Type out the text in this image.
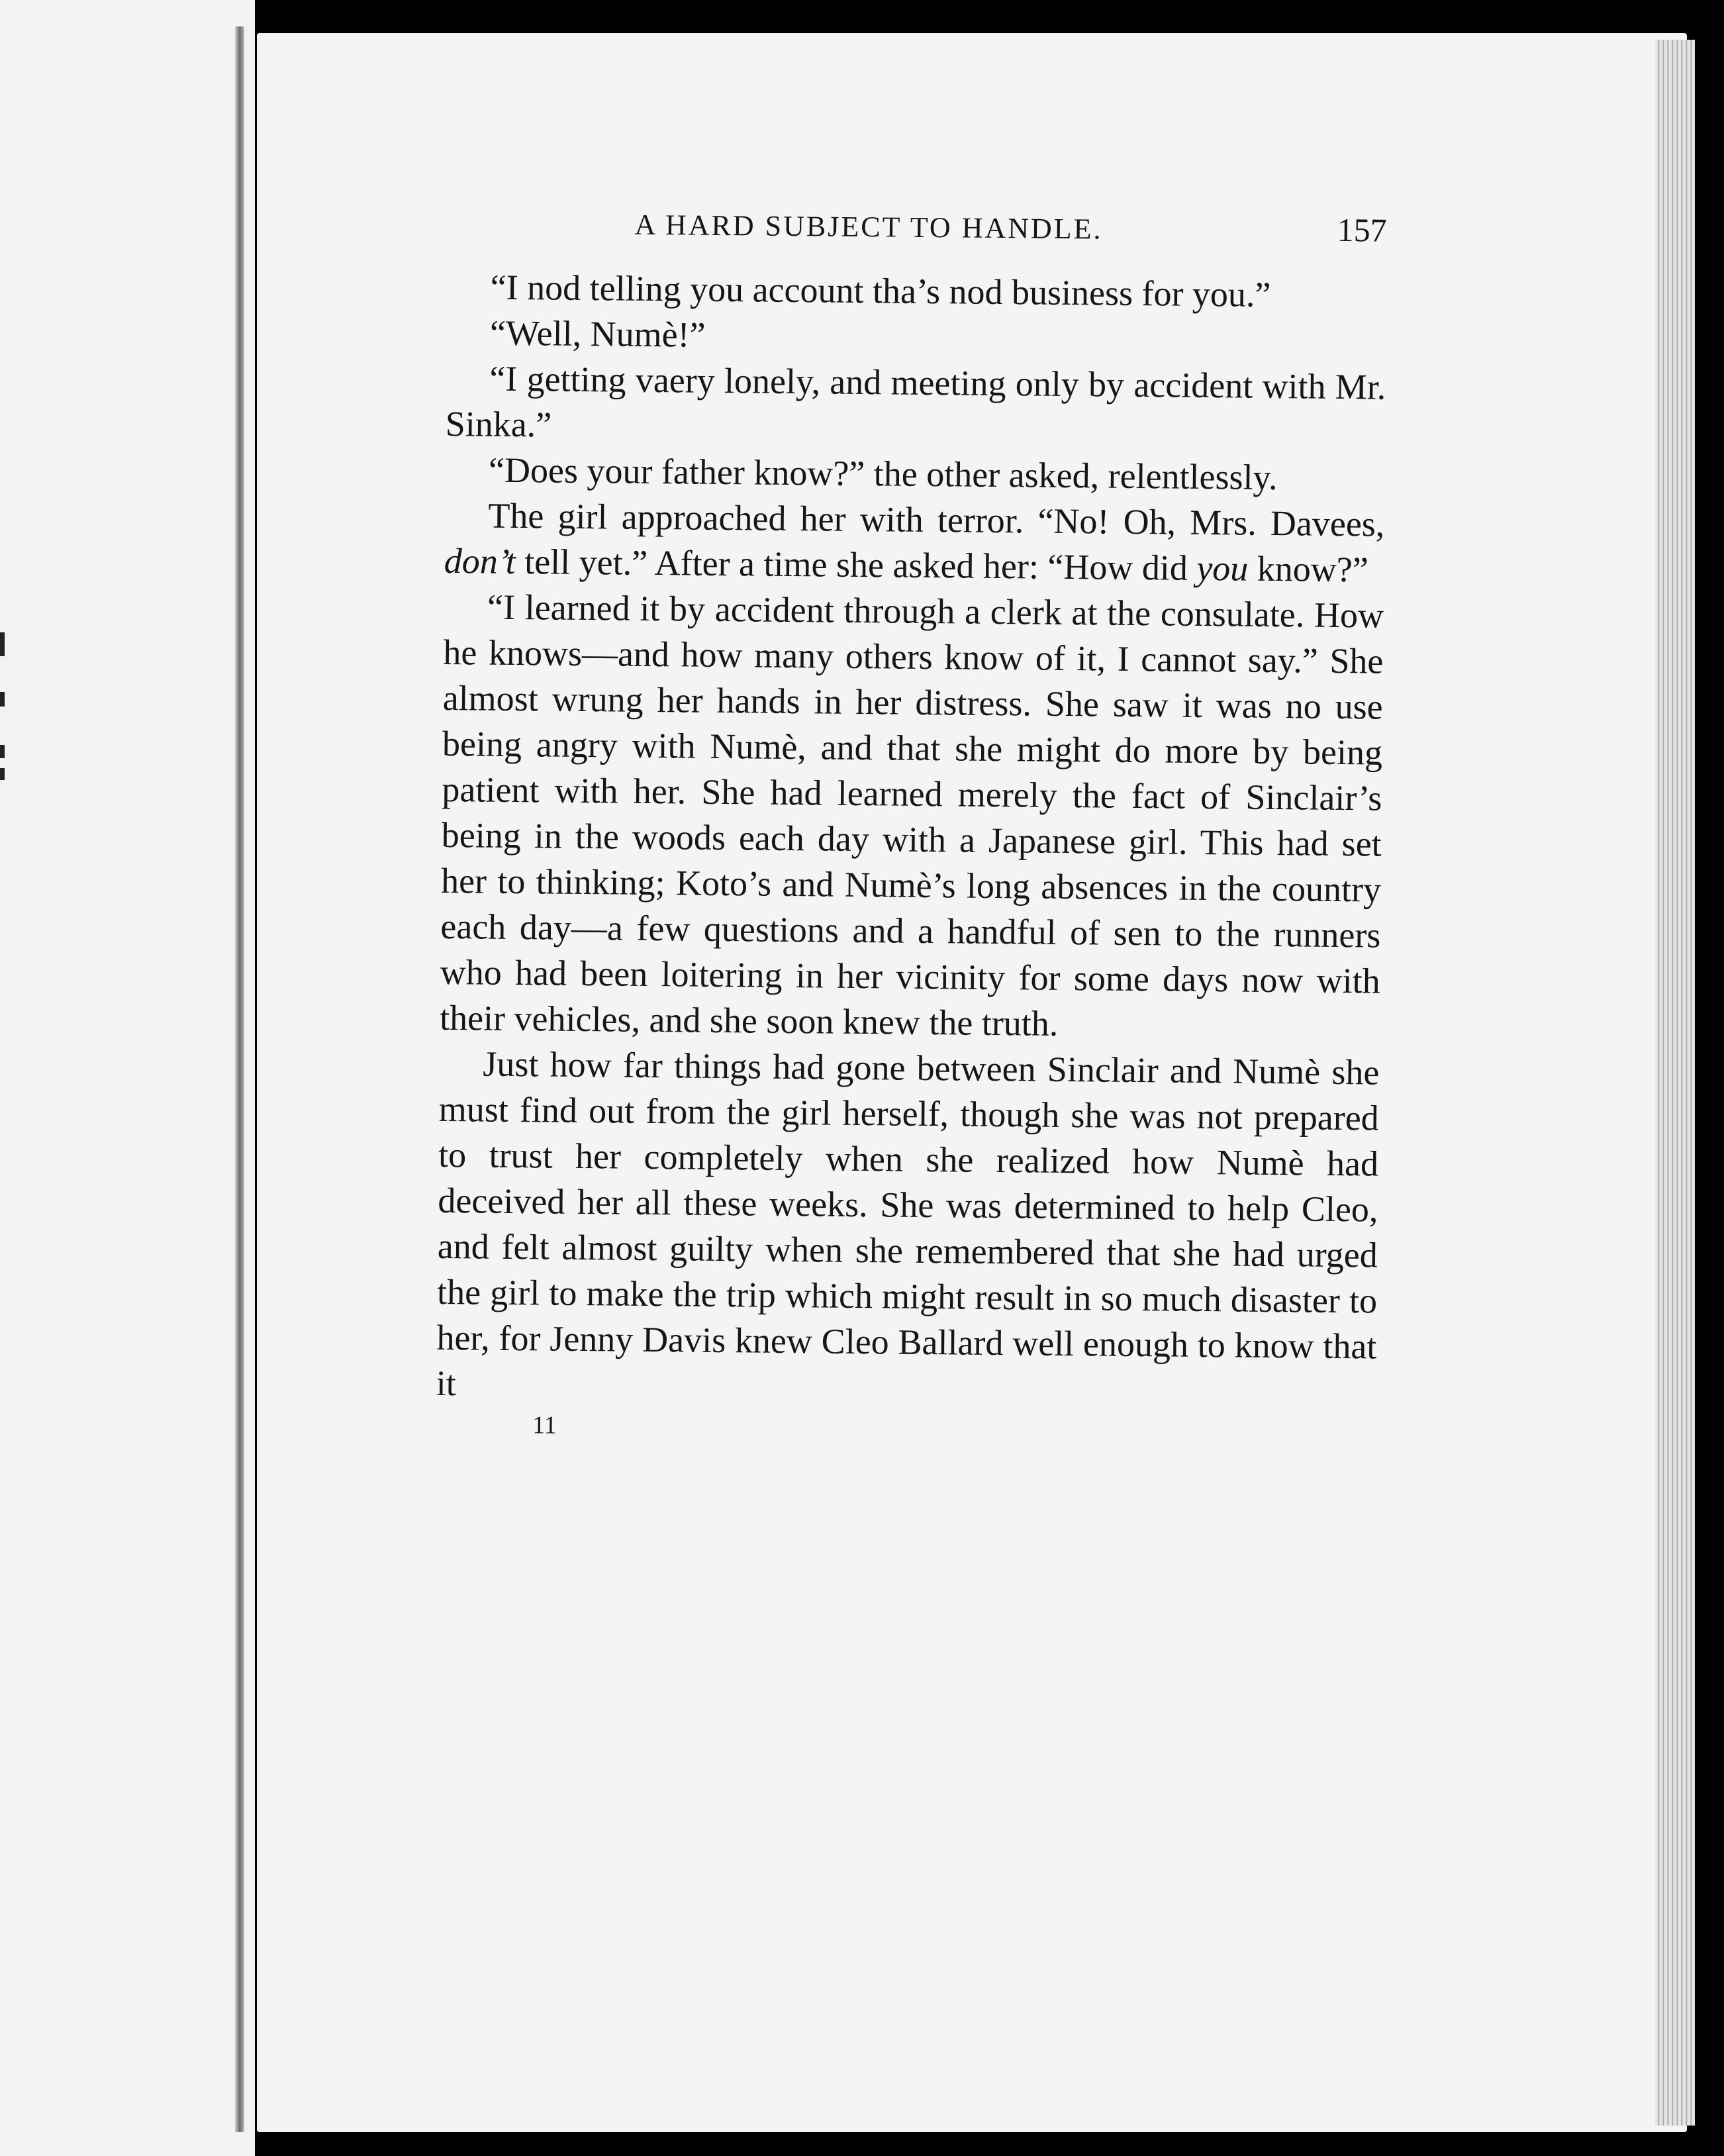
A HARD SUBJECT TO HANDLE.	157

“I nod telling you account tha’s nod business for you.”

“Well, Numè!”

“I getting vaery lonely, and meeting only by accident with Mr. Sinka.”

“Does your father know?” the other asked, relentlessly.

The girl approached her with terror. “No! Oh, Mrs. Davees, don’t tell yet.” After a time she asked her: “How did you know?”

“I learned it by accident through a clerk at the consulate. How he knows—and how many others know of it, I cannot say.” She almost wrung her hands in her distress. She saw it was no use being angry with Numè, and that she might do more by being patient with her. She had learned merely the fact of Sinclair’s being in the woods each day with a Japanese girl. This had set her to thinking; Koto’s and Numè’s long absences in the country each day—a few questions and a handful of sen to the runners who had been loitering in her vicinity for some days now with their vehicles, and she soon knew the truth.

Just how far things had gone between Sinclair and Numè she must find out from the girl herself, though she was not prepared to trust her completely when she realized how Numè had deceived her all these weeks. She was determined to help Cleo, and felt almost guilty when she remembered that she had urged the girl to make the trip which might result in so much disaster to her, for Jenny Davis knew Cleo Ballard well enough to know that it

11
